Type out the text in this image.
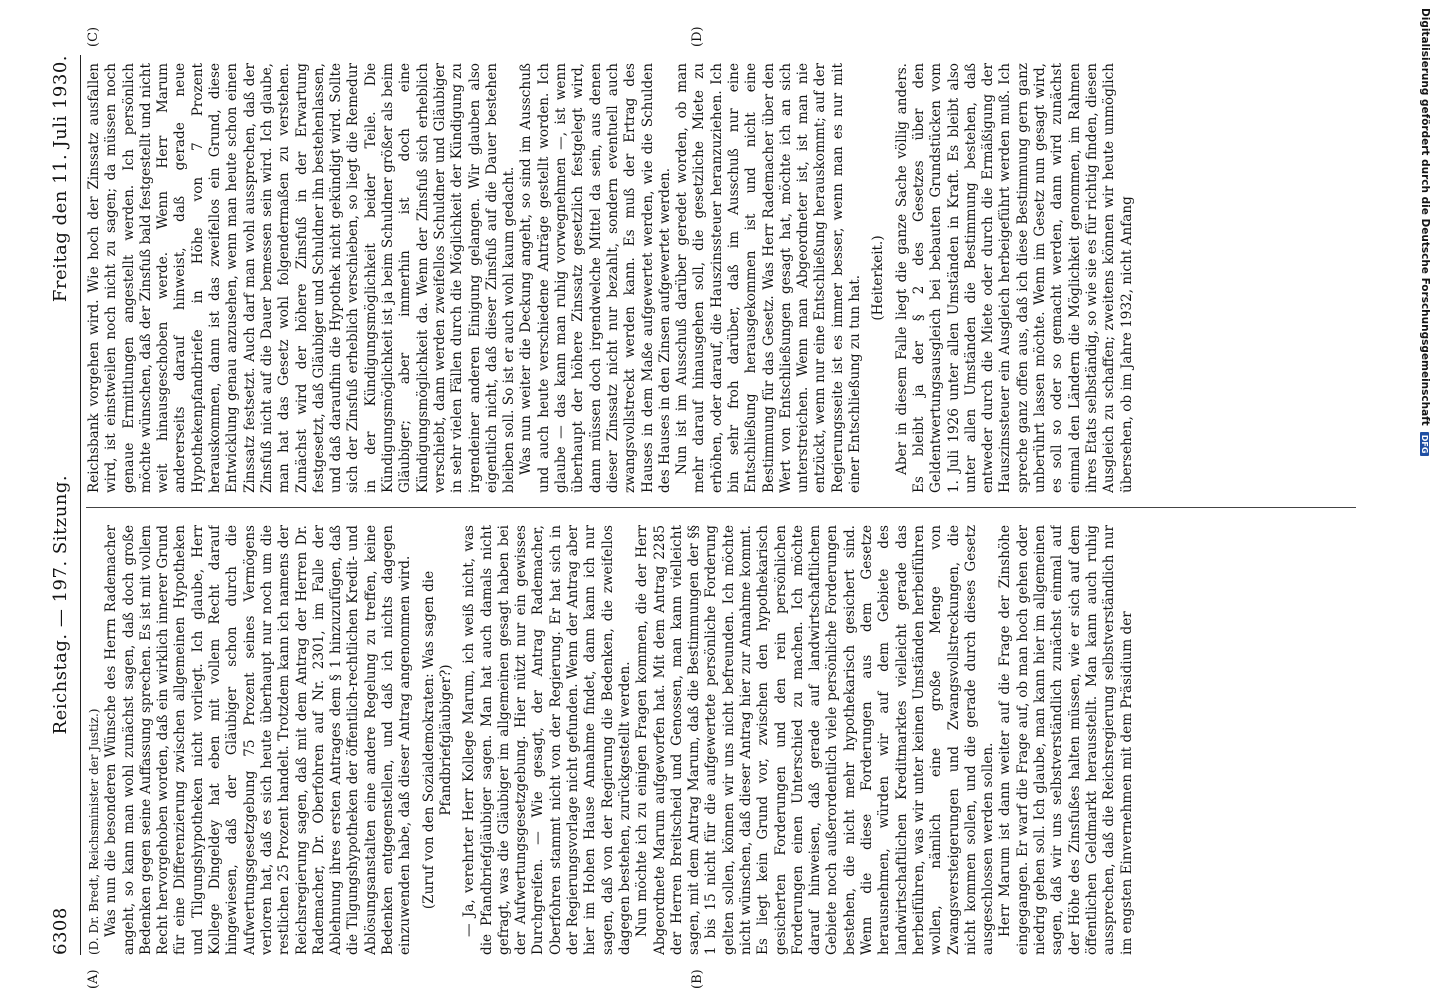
6308
Reichstag. — 197. Sitzung.
Freitag den 11. Juli 1930.
(A)	(B)
(C)	(D)

(D. Dr. Bredt, Reichsminister der Justiz.) Was nun die besonderen Wünsche des Herrn Rademacher angeht, so kann man wohl zunächst sagen, daß doch große Bedenken gegen seine Auffassung sprechen. Es ist mit vollem Recht hervorgehoben worden, daß ein wirklich innerer Grund für eine Differenzierung zwischen allgemeinen Hypotheken und Tilgungshypotheken nicht vorliegt. Ich glaube, Herr Kollege Dingeldey hat eben mit vollem Recht darauf hingewiesen, daß der Gläubiger schon durch die Aufwertungsgesetzgebung 75 Prozent seines Vermögens verloren hat, daß es sich heute überhaupt nur noch um die restlichen 25 Prozent handelt. Trotzdem kann ich namens der Reichsregierung sagen, daß mit dem Antrag der Herren Dr. Rademacher, Dr. Oberfohren auf Nr. 2301, im Falle der Ablehnung ihres ersten Antrages dem § 1 hinzuzufügen, daß die Tilgungshypotheken der öffentlich-rechtlichen Kredit- und Ablösungsanstalten eine andere Regelung zu treffen, keine Bedenken entgegenstellen, und daß ich nichts dagegen einzuwenden habe, daß dieser Antrag angenommen wird. (Zuruf von den Sozialdemokraten: Was sagen die Pfandbriefgläubiger?) — Ja, verehrter Herr Kollege Marum, ich weiß nicht, was die Pfandbriefgläubiger sagen. Man hat auch damals nicht gefragt, was die Gläubiger im allgemeinen gesagt haben bei der Aufwertungsgesetzgebung. Hier nützt nur ein gewisses Durchgreifen. — Wie gesagt, der Antrag Rademacher, Oberfohren stammt nicht von der Regierung. Er hat sich in der Regierungsvorlage nicht gefunden. Wenn der Antrag aber hier im Hohen Hause Annahme findet, dann kann ich nur sagen, daß von der Regierung die Bedenken, die zweifellos dagegen bestehen, zurückgestellt werden. Nun möchte ich zu einigen Fragen kommen, die der Herr Abgeordnete Marum aufgeworfen hat. Mit dem Antrag 2285 der Herren Breitscheid und Genossen, man kann vielleicht sagen, mit dem Antrag Marum, daß die Bestimmungen der §§ 1 bis 15 nicht für die aufgewertete persönliche Forderung gelten sollen, können wir uns nicht befreunden. Ich möchte nicht wünschen, daß dieser Antrag hier zur Annahme kommt. Es liegt kein Grund vor, zwischen den hypothekarisch gesicherten Forderungen und den rein persönlichen Forderungen einen Unterschied zu machen. Ich möchte darauf hinweisen, daß gerade auf landwirtschaftlichem Gebiete noch außerordentlich viele persönliche Forderungen bestehen, die nicht mehr hypothekarisch gesichert sind. Wenn die diese Forderungen aus dem Gesetze herausnehmen, würden wir auf dem Gebiete des landwirtschaftlichen Kreditmarktes vielleicht gerade das herbeiführen, was wir unter keinen Umständen herbeiführen wollen, nämlich eine große Menge von Zwangsversteigerungen und Zwangsvollstreckungen, die nicht kommen sollen, und die gerade durch dieses Gesetz ausgeschlossen werden sollen. Herr Marum ist dann weiter auf die Frage der Zinshöhe eingegangen. Er warf die Frage auf, ob man hoch gehen oder niedrig gehen soll. Ich glaube, man kann hier im allgemeinen sagen, daß wir uns selbstverständlich zunächst einmal auf der Höhe des Zinsfußes halten müssen, wie er sich auf dem öffentlichen Geldmarkt herausstellt. Man kann auch ruhig aussprechen, daß die Reichsregierung selbstverständlich nur im engsten Einvernehmen mit dem Präsidium der

Reichsbank vorgehen wird. Wie hoch der Zinssatz ausfallen wird, ist einstweilen noch nicht zu sagen; da müssen noch genaue Ermittlungen angestellt werden. Ich persönlich möchte wünschen, daß der Zinsfuß bald festgestellt und nicht weit hinausgeschoben werde. Wenn Herr Marum andererseits darauf hinweist, daß gerade neue Hypothekenpfandbriefe in Höhe von 7 Prozent herauskommen, dann ist das zweifellos ein Grund, diese Entwicklung genau anzusehen, wenn man heute schon einen Zinssatz festsetzt. Auch darf man wohl aussprechen, daß der Zinsfuß nicht auf die Dauer bemessen sein wird. Ich glaube, man hat das Gesetz wohl folgendermaßen zu verstehen. Zunächst wird der höhere Zinsfuß in der Erwartung festgesetzt, daß Gläubiger und Schuldner ihn bestehenlassen, und daß daraufhin die Hypothek nicht gekündigt wird. Sollte sich der Zinsfuß erheblich verschieben, so liegt die Remedur in der Kündigungsmöglichkeit beider Teile. Die Kündigungsmöglichkeit ist ja beim Schuldner größer als beim Gläubiger; aber immerhin ist doch eine Kündigungsmöglichkeit da. Wenn der Zinsfuß sich erheblich verschiebt, dann werden zweifellos Schuldner und Gläubiger in sehr vielen Fällen durch die Möglichkeit der Kündigung zu irgendeiner anderen Einigung gelangen. Wir glauben also eigentlich nicht, daß dieser Zinsfuß auf die Dauer bestehen bleiben soll. So ist er auch wohl kaum gedacht. Was nun weiter die Deckung angeht, so sind im Ausschuß und auch heute verschiedene Anträge gestellt worden. Ich glaube — das kann man ruhig vorwegnehmen —, ist wenn überhaupt der höhere Zinssatz gesetzlich festgelegt wird, dann müssen doch irgendwelche Mittel da sein, aus denen dieser Zinssatz nicht nur bezahlt, sondern eventuell auch zwangsvollstreckt werden kann. Es muß der Ertrag des Hauses in dem Maße aufgewertet werden, wie die Schulden des Hauses in den Zinsen aufgewertet werden. Nun ist im Ausschuß darüber geredet worden, ob man mehr darauf hinausgehen soll, die gesetzliche Miete zu erhöhen, oder darauf, die Hauszinssteuer heranzuziehen. Ich bin sehr froh darüber, daß im Ausschuß nur eine Entschließung herausgekommen ist und nicht eine Bestimmung für das Gesetz. Was Herr Rademacher über den Wert von Entschließungen gesagt hat, möchte ich an sich unterstreichen. Wenn man Abgeordneter ist, ist man nie entzückt, wenn nur eine Entschließung herauskommt; auf der Regierungsseite ist es immer besser, wenn man es nur mit einer Entschließung zu tun hat. (Heiterkeit.) Aber in diesem Falle liegt die ganze Sache völlig anders. Es bleibt ja der § 2 des Gesetzes über den Geldentwertungsausgleich bei bebauten Grundstücken vom 1. Juli 1926 unter allen Umständen in Kraft. Es bleibt also unter allen Umständen die Bestimmung bestehen, daß entweder durch die Miete oder durch die Ermäßigung der Hauszinssteuer ein Ausgleich herbeigeführt werden muß. Ich spreche ganz offen aus, daß ich diese Bestimmung gern ganz unberührt lassen möchte. Wenn im Gesetz nun gesagt wird, es soll so oder so gemacht werden, dann wird zunächst einmal den Ländern die Möglichkeit genommen, im Rahmen ihres Etats selbständig, so wie sie es für richtig finden, diesen Ausgleich zu schaffen; zweitens können wir heute unmöglich übersehen, ob im Jahre 1932, nicht Anfang	Digitalisierung gefördert durch die Deutsche Forschungsgemeinschaft
DFG
